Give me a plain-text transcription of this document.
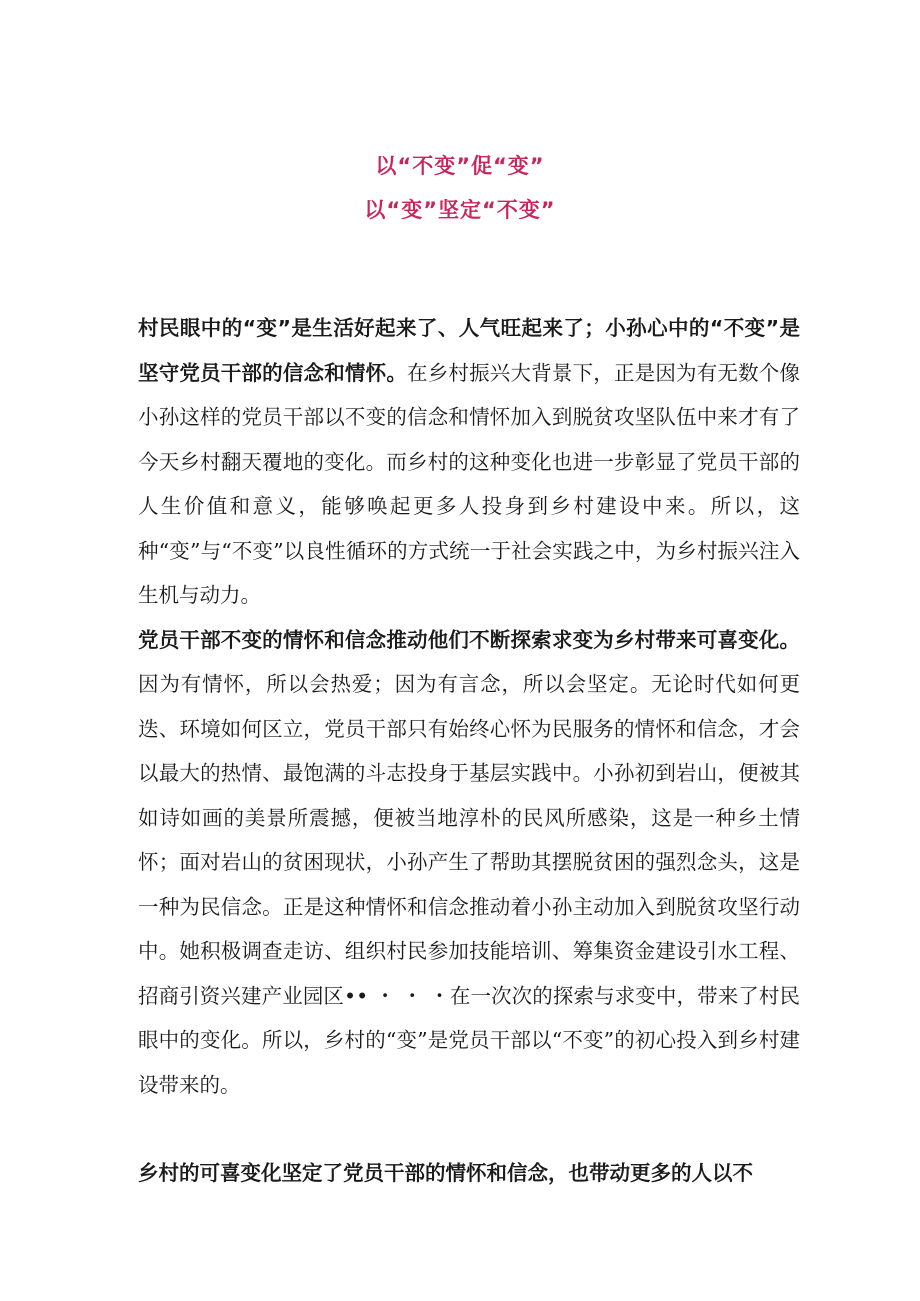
以“不变”促“变”
以“变”坚定“不变”

村民眼中的“变”是生活好起来了、人气旺起来了；小孙心中的“不变”是坚守党员干部的信念和情怀。在乡村振兴大背景下，正是因为有无数个像小孙这样的党员干部以不变的信念和情怀加入到脱贫攻坚队伍中来才有了今天乡村翻天覆地的变化。而乡村的这种变化也进一步彰显了党员干部的人生价值和意义，能够唤起更多人投身到乡村建设中来。所以，这种“变”与“不变”以良性循环的方式统一于社会实践之中，为乡村振兴注入生机与动力。

党员干部不变的情怀和信念推动他们不断探索求变为乡村带来可喜变化。因为有情怀，所以会热爱；因为有言念，所以会坚定。无论时代如何更迭、环境如何区立，党员干部只有始终心怀为民服务的情怀和信念，才会以最大的热情、最饱满的斗志投身于基层实践中。小孙初到岩山，便被其如诗如画的美景所震撼，便被当地淳朴的民风所感染，这是一种乡土情怀；面对岩山的贫困现状，小孙产生了帮助其摆脱贫困的强烈念头，这是一种为民信念。正是这种情怀和信念推动着小孙主动加入到脱贫攻坚行动中。她积极调查走访、组织村民参加技能培训、筹集资金建设引水工程、招商引资兴建产业园区•• ・ ・ ・在一次次的探索与求变中，带来了村民眼中的变化。所以，乡村的“变”是党员干部以“不变”的初心投入到乡村建设带来的。

乡村的可喜变化坚定了党员干部的情怀和信念，也带动更多的人以不
